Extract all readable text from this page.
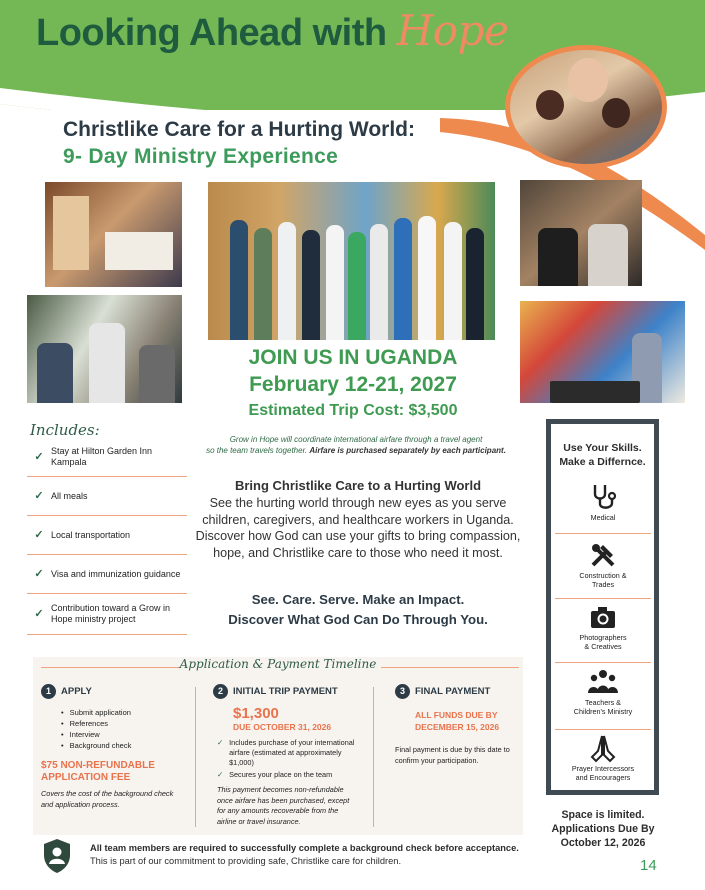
Looking Ahead with Hope
Christlike Care for a Hurting World:
9- Day Ministry Experience
JOIN US IN UGANDA
February 12-21, 2027
Estimated Trip Cost: $3,500
Grow in Hope will coordinate international airfare through a travel agent
so the team travels together. Airfare is purchased separately by each participant.
Includes:
✓ Stay at Hilton Garden Inn Kampala
✓ All meals
✓ Local transportation
✓ Visa and immunization guidance
✓ Contribution toward a Grow in Hope ministry project
Bring Christlike Care to a Hurting World
See the hurting world through new eyes as you serve children, caregivers, and healthcare workers in Uganda. Discover how God can use your gifts to bring compassion, hope, and Christlike care to those who need it most.
See. Care. Serve. Make an Impact.
Discover What God Can Do Through You.
Use Your Skills.
Make a Differnce.
Medical
Construction &
Trades
Photographers
& Creatives
Teachers &
Children's Ministry
Prayer Intercessors
and Encouragers
Space is limited.
Applications Due By
October 12, 2026
14
Application & Payment Timeline
1 APPLY
• Submit application
• References
• Interview
• Background check
$75 NON-REFUNDABLE
APPLICATION FEE
Covers the cost of the background check and application process.
2 INITIAL TRIP PAYMENT
$1,300
DUE OCTOBER 31, 2026
✓ Includes purchase of your international airfare (estimated at approximately $1,000)
✓ Secures your place on the team
This payment becomes non-refundable once airfare has been purchased, except for any amounts recoverable from the airline or travel insurance.
3 FINAL PAYMENT
ALL FUNDS DUE BY
DECEMBER 15, 2026
Final payment is due by this date to confirm your participation.
All team members are required to successfully complete a background check before acceptance.
This is part of our commitment to providing safe, Christlike care for children.
